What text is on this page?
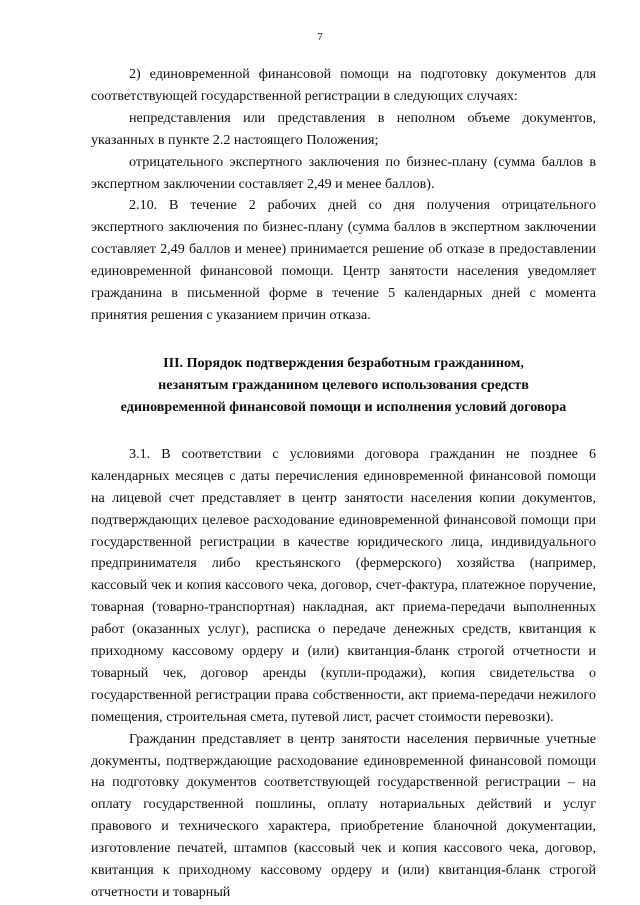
7

2) единовременной финансовой помощи на подготовку документов для соответствующей государственной регистрации в следующих случаях:

непредставления или представления в неполном объеме документов, указанных в пункте 2.2 настоящего Положения;

отрицательного экспертного заключения по бизнес-плану (сумма баллов в экспертном заключении составляет 2,49 и менее баллов).

2.10. В течение 2 рабочих дней со дня получения отрицательного экспертного заключения по бизнес-плану (сумма баллов в экспертном заключении составляет 2,49 баллов и менее) принимается решение об отказе в предоставлении единовременной финансовой помощи. Центр занятости населения уведомляет гражданина в письменной форме в течение 5 календарных дней с момента принятия решения с указанием причин отказа.

III. Порядок подтверждения безработным гражданином,
незанятым гражданином целевого использования средств
единовременной финансовой помощи и исполнения условий договора

3.1. В соответствии с условиями договора гражданин не позднее 6 календарных месяцев с даты перечисления единовременной финансовой помощи на лицевой счет представляет в центр занятости населения копии документов, подтверждающих целевое расходование единовременной финансовой помощи при государственной регистрации в качестве юридического лица, индивидуального предпринимателя либо крестьянского (фермерского) хозяйства (например, кассовый чек и копия кассового чека, договор, счет-фактура, платежное поручение, товарная (товарно-транспортная) накладная, акт приема-передачи выполненных работ (оказанных услуг), расписка о передаче денежных средств, квитанция к приходному кассовому ордеру и (или) квитанция-бланк строгой отчетности и товарный чек, договор аренды (купли-продажи), копия свидетельства о государственной регистрации права собственности, акт приема-передачи нежилого помещения, строительная смета, путевой лист, расчет стоимости перевозки).

Гражданин представляет в центр занятости населения первичные учетные документы, подтверждающие расходование единовременной финансовой помощи на подготовку документов соответствующей государственной регистрации – на оплату государственной пошлины, оплату нотариальных действий и услуг правового и технического характера, приобретение бланочной документации, изготовление печатей, штампов (кассовый чек и копия кассового чека, договор, квитанция к приходному кассовому ордеру и (или) квитанция-бланк строгой отчетности и товарный
